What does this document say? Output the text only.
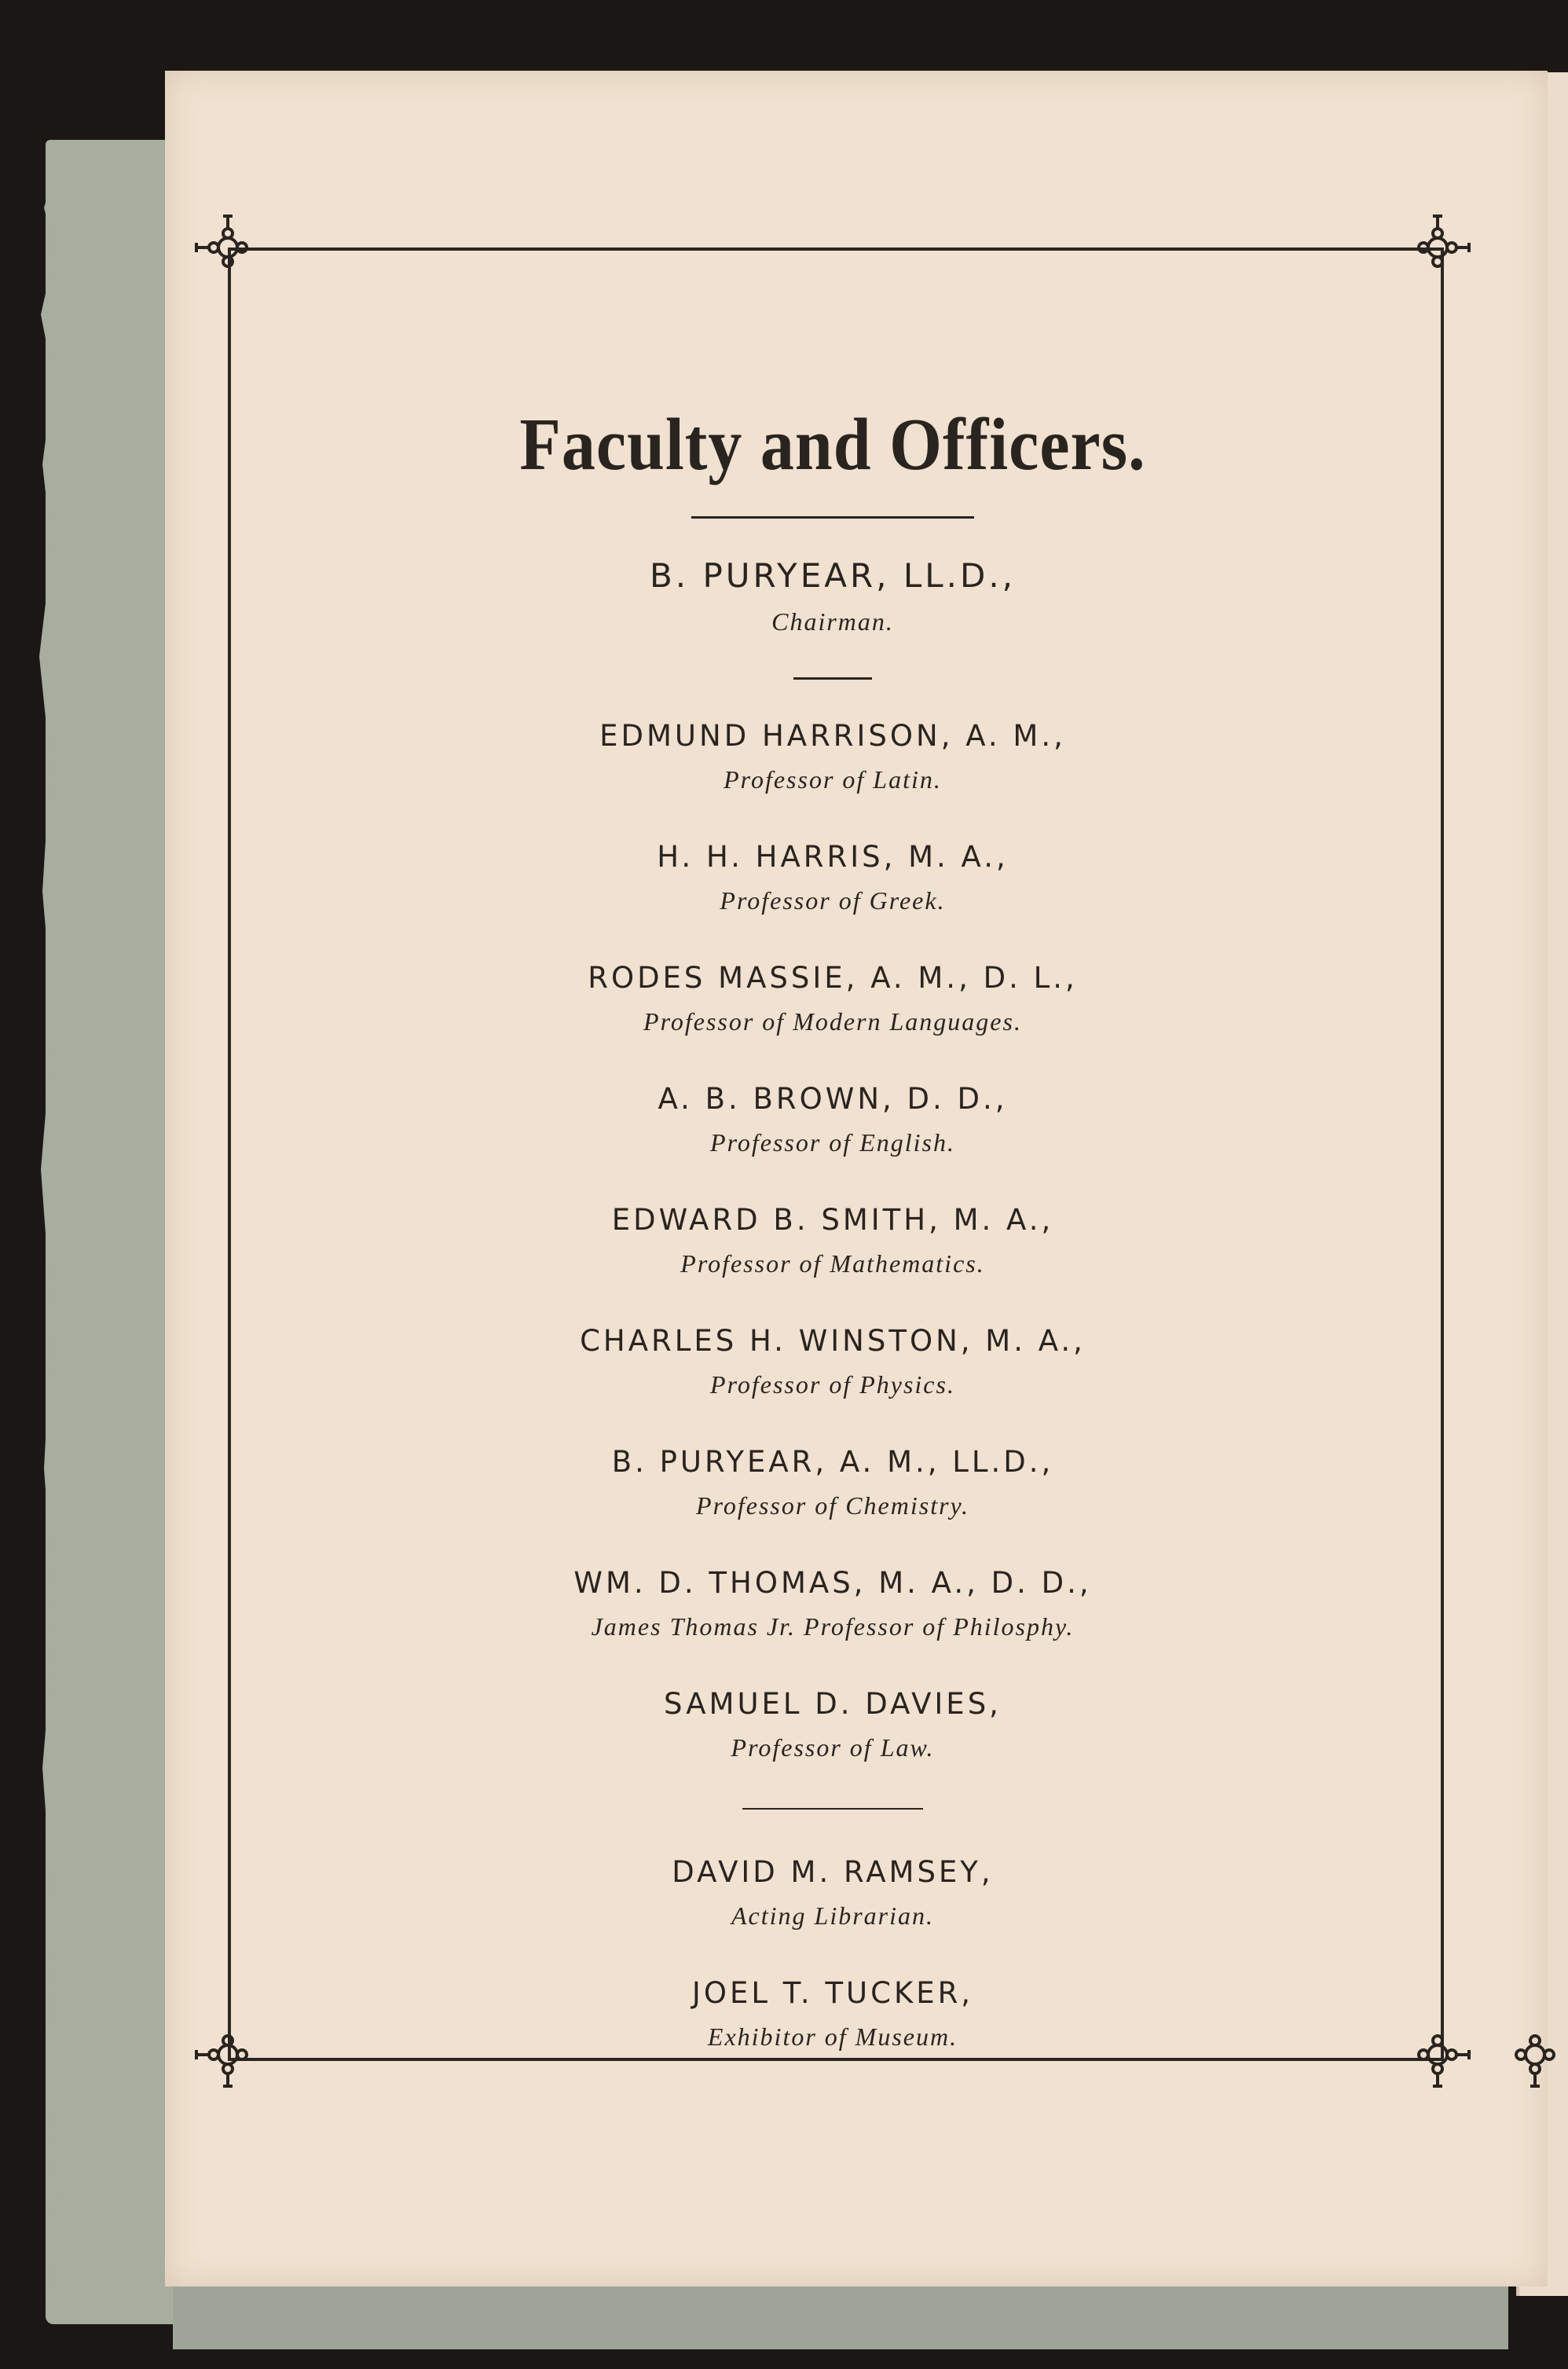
Faculty and Officers.
B. PURYEAR, LL.D.,
Chairman.
EDMUND HARRISON, A. M.,
Professor of Latin.
H. H. HARRIS, M. A.,
Professor of Greek.
RODES MASSIE, A. M., D. L.,
Professor of Modern Languages.
A. B. BROWN, D. D.,
Professor of English.
EDWARD B. SMITH, M. A.,
Professor of Mathematics.
CHARLES H. WINSTON, M. A.,
Professor of Physics.
B. PURYEAR, A. M., LL.D.,
Professor of Chemistry.
WM. D. THOMAS, M. A., D. D.,
James Thomas Jr. Professor of Philosphy.
SAMUEL D. DAVIES,
Professor of Law.
DAVID M. RAMSEY,
Acting Librarian.
JOEL T. TUCKER,
Exhibitor of Museum.
